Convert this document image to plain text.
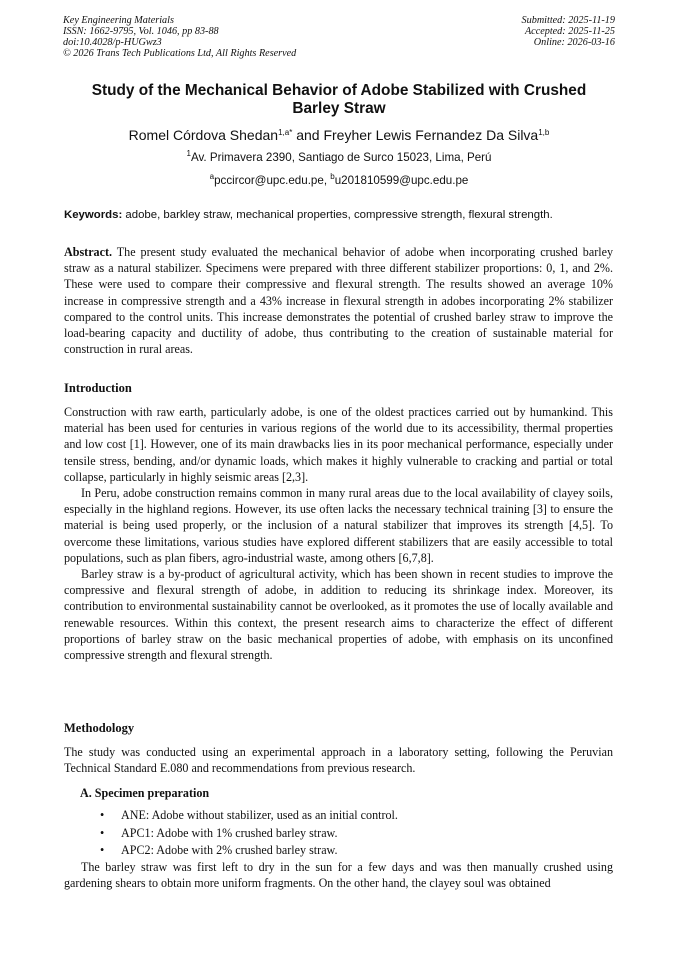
Key Engineering Materials
ISSN: 1662-9795, Vol. 1046, pp 83-88
doi:10.4028/p-HUGwz3
© 2026 Trans Tech Publications Ltd, All Rights Reserved
Submitted: 2025-11-19
Accepted: 2025-11-25
Online: 2026-03-16
Study of the Mechanical Behavior of Adobe Stabilized with Crushed
Barley Straw
Romel Córdova Shedan$^{1,a*}$ and Freyher Lewis Fernandez Da Silva$^{1,b}$
$^1$Av. Primavera 2390, Santiago de Surco 15023, Lima, Perú
$^a$pccircor@upc.edu.pe, $^b$u201810599@upc.edu.pe
Keywords: adobe, barkley straw, mechanical properties, compressive strength, flexural strength.
Abstract. The present study evaluated the mechanical behavior of adobe when incorporating crushed barley straw as a natural stabilizer. Specimens were prepared with three different stabilizer proportions: 0, 1, and 2%. These were used to compare their compressive and flexural strength. The results showed an average 10% increase in compressive strength and a 43% increase in flexural strength in adobes incorporating 2% stabilizer compared to the control units. This increase demonstrates the potential of crushed barley straw to improve the load-bearing capacity and ductility of adobe, thus contributing to the creation of sustainable material for construction in rural areas.
Introduction

Construction with raw earth, particularly adobe, is one of the oldest practices carried out by humankind. This material has been used for centuries in various regions of the world due to its accessibility, thermal properties and low cost [1]. However, one of its main drawbacks lies in its poor mechanical performance, especially under tensile stress, bending, and/or dynamic loads, which makes it highly vulnerable to cracking and partial or total collapse, particularly in highly seismic areas [2,3].

In Peru, adobe construction remains common in many rural areas due to the local availability of clayey soils, especially in the highland regions. However, its use often lacks the necessary technical training [3] to ensure the material is being used properly, or the inclusion of a natural stabilizer that improves its strength [4,5]. To overcome these limitations, various studies have explored different stabilizers that are easily accessible to total populations, such as plan fibers, agro-industrial waste, among others [6,7,8].

Barley straw is a by-product of agricultural activity, which has been shown in recent studies to improve the compressive and flexural strength of adobe, in addition to reducing its shrinkage index. Moreover, its contribution to environmental sustainability cannot be overlooked, as it promotes the use of locally available and renewable resources. Within this context, the present research aims to characterize the effect of different proportions of barley straw on the basic mechanical properties of adobe, with emphasis on its unconfined compressive strength and flexural strength.

Methodology

The study was conducted using an experimental approach in a laboratory setting, following the Peruvian Technical Standard E.080 and recommendations from previous research.

A. Specimen preparation
• ANE: Adobe without stabilizer, used as an initial control.
• APC1: Adobe with 1% crushed barley straw.
• APC2: Adobe with 2% crushed barley straw.

The barley straw was first left to dry in the sun for a few days and was then manually crushed using gardening shears to obtain more uniform fragments. On the other hand, the clayey soul was obtained
